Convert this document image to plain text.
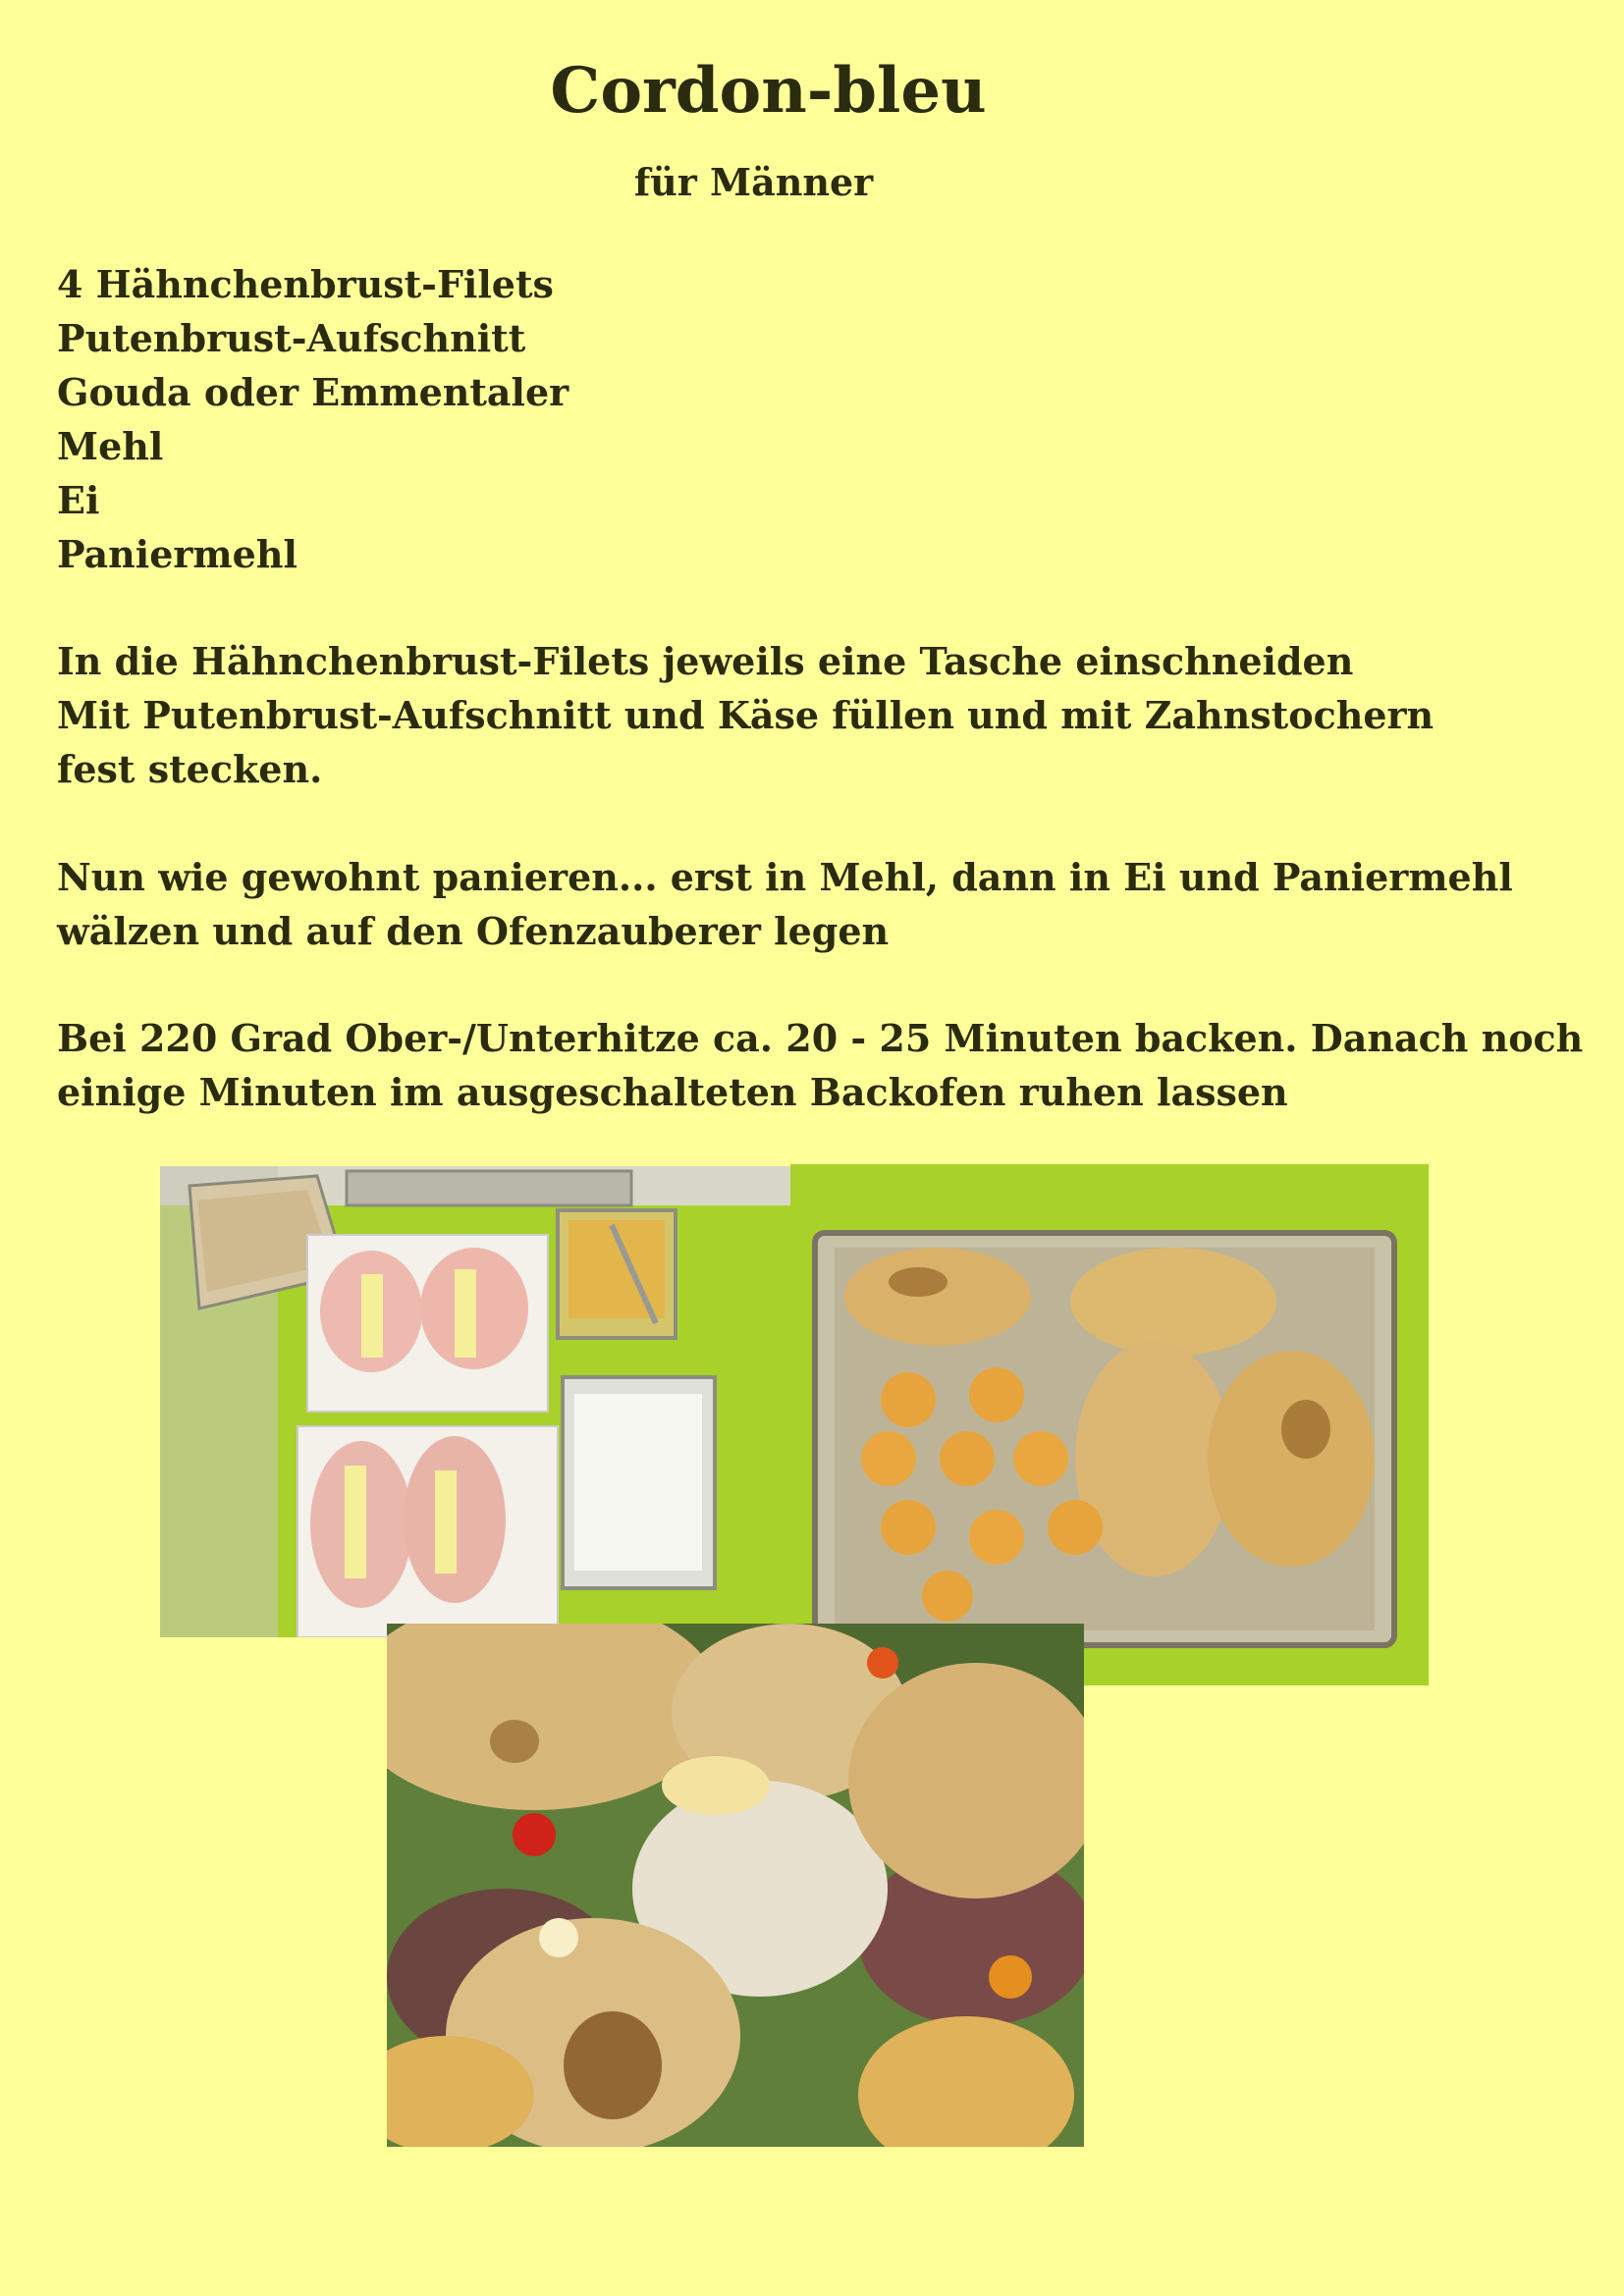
Cordon-bleu
für Männer
4 Hähnchenbrust-Filets
Putenbrust-Aufschnitt
Gouda oder Emmentaler
Mehl
Ei
Paniermehl
In die Hähnchenbrust-Filets jeweils eine Tasche einschneiden
Mit Putenbrust-Aufschnitt und Käse füllen und mit Zahnstochern
fest stecken.
Nun wie gewohnt panieren... erst in Mehl, dann in Ei und Paniermehl
wälzen und auf den Ofenzauberer legen
Bei 220 Grad Ober-/Unterhitze ca. 20 - 25 Minuten backen. Danach noch
einige Minuten im ausgeschalteten Backofen ruhen lassen
